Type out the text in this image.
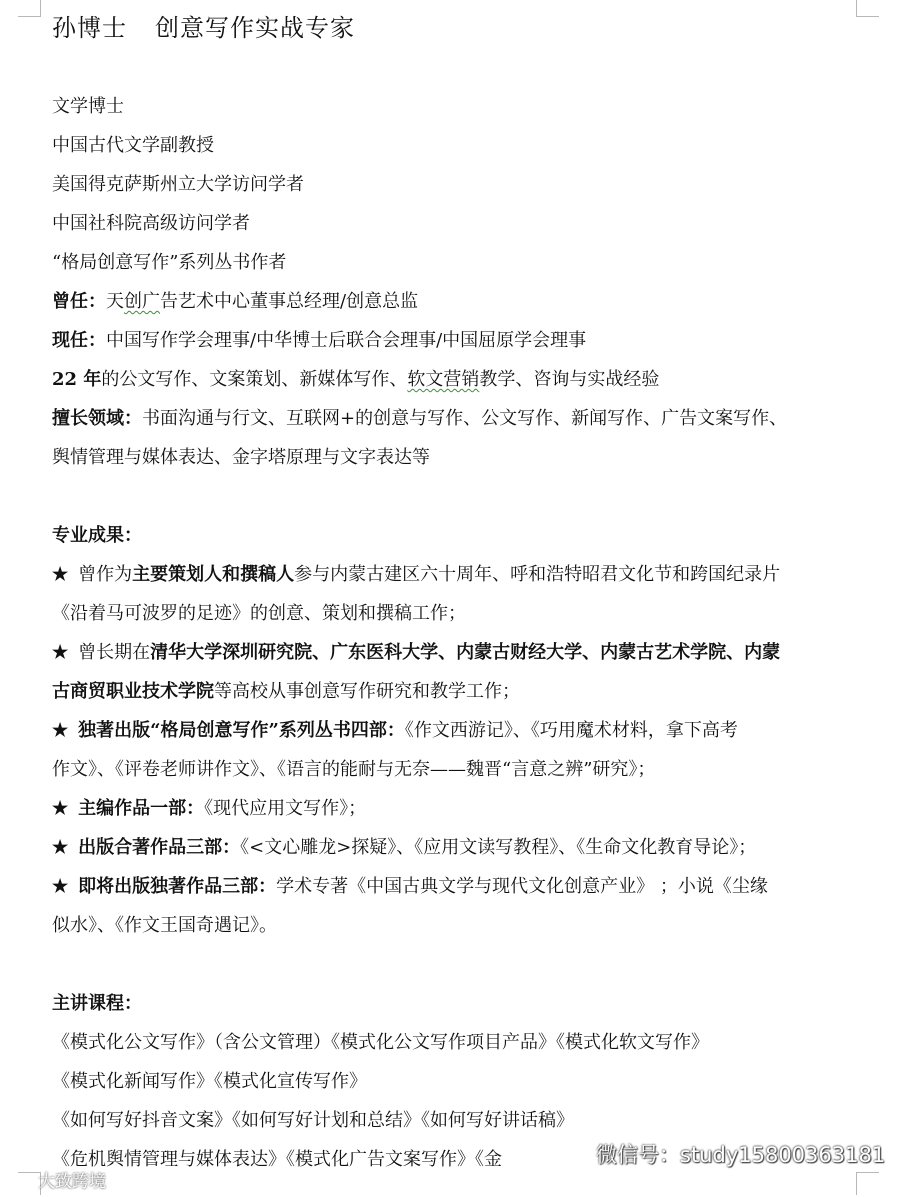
孙博士 创意写作实战专家
文学博士
中国古代文学副教授
美国得克萨斯州立大学访问学者
中国社科院高级访问学者
“格局创意写作”系列丛书作者
曾任：天创广告艺术中心董事总经理/创意总监
现任：中国写作学会理事/中华博士后联合会理事/中国屈原学会理事
22 年的公文写作、文案策划、新媒体写作、软文营销教学、咨询与实战经验
擅长领域：书面沟通与行文、互联网+的创意与写作、公文写作、新闻写作、广告文案写作、
舆情管理与媒体表达、金字塔原理与文字表达等
专业成果：
★ 曾作为主要策划人和撰稿人参与内蒙古建区六十周年、呼和浩特昭君文化节和跨国纪录片
《沿着马可波罗的足迹》的创意、策划和撰稿工作；
★ 曾长期在清华大学深圳研究院、广东医科大学、内蒙古财经大学、内蒙古艺术学院、内蒙
古商贸职业技术学院等高校从事创意写作研究和教学工作；
★ 独著出版“格局创意写作”系列丛书四部：《作文西游记》、《巧用魔术材料，拿下高考
作文》、《评卷老师讲作文》、《语言的能耐与无奈——魏晋“言意之辨”研究》；
★ 主编作品一部：《现代应用文写作》；
★ 出版合著作品三部：《<文心雕龙>探疑》、《应用文读写教程》、《生命文化教育导论》；
★ 即将出版独著作品三部：学术专著《中国古典文学与现代文化创意产业》 ；小说《尘缘
似水》、《作文王国奇遇记》。
主讲课程：
《模式化公文写作》（含公文管理）《模式化公文写作项目产品》《模式化软文写作》
《模式化新闻写作》《模式化宣传写作》
《如何写好抖音文案》《如何写好计划和总结》《如何写好讲话稿》
《危机舆情管理与媒体表达》《模式化广告文案写作》《金	微信号：study15800363181
大致跨境
